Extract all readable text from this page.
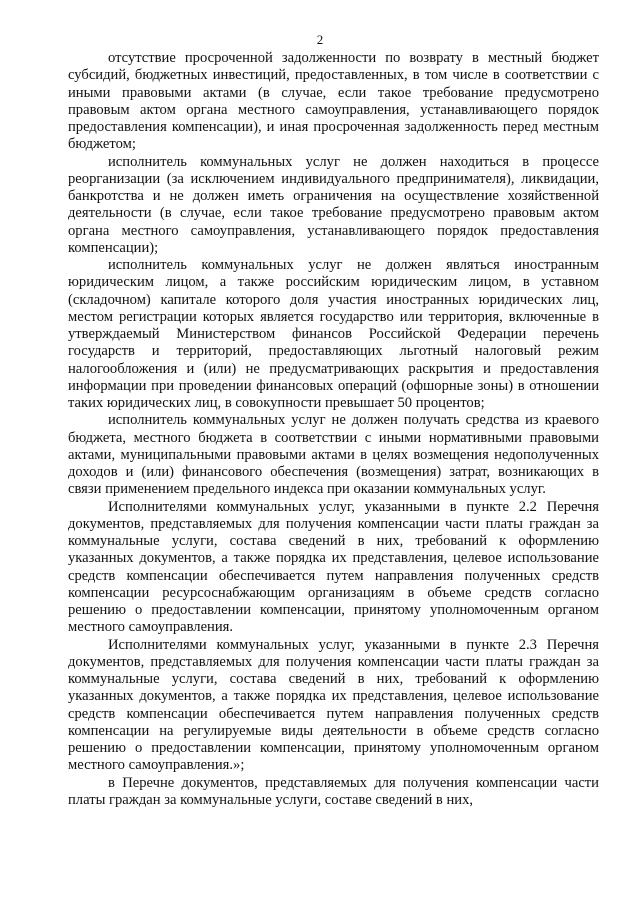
2

отсутствие просроченной задолженности по возврату в местный бюджет субсидий, бюджетных инвестиций, предоставленных, в том числе в соответствии с иными правовыми актами (в случае, если такое требование предусмотрено правовым актом органа местного самоуправления, устанавливающего порядок предоставления компенсации), и иная просроченная задолженность перед местным бюджетом;

исполнитель коммунальных услуг не должен находиться в процессе реорганизации (за исключением индивидуального предпринимателя), ликвидации, банкротства и не должен иметь ограничения на осуществление хозяйственной деятельности (в случае, если такое требование предусмотрено правовым актом органа местного самоуправления, устанавливающего порядок предоставления компенсации);

исполнитель коммунальных услуг не должен являться иностранным юридическим лицом, а также российским юридическим лицом, в уставном (складочном) капитале которого доля участия иностранных юридических лиц, местом регистрации которых является государство или территория, включенные в утверждаемый Министерством финансов Российской Федерации перечень государств и территорий, предоставляющих льготный налоговый режим налогообложения и (или) не предусматривающих раскрытия и предоставления информации при проведении финансовых операций (офшорные зоны) в отношении таких юридических лиц, в совокупности превышает 50 процентов;

исполнитель коммунальных услуг не должен получать средства из краевого бюджета, местного бюджета в соответствии с иными нормативными правовыми актами, муниципальными правовыми актами в целях возмещения недополученных доходов и (или) финансового обеспечения (возмещения) затрат, возникающих в связи применением предельного индекса при оказании коммунальных услуг.

Исполнителями коммунальных услуг, указанными в пункте 2.2 Перечня документов, представляемых для получения компенсации части платы граждан за коммунальные услуги, состава сведений в них, требований к оформлению указанных документов, а также порядка их представления, целевое использование средств компенсации обеспечивается путем направления полученных средств компенсации ресурсоснабжающим организациям в объеме средств согласно решению о предоставлении компенсации, принятому уполномоченным органом местного самоуправления.

Исполнителями коммунальных услуг, указанными в пункте 2.3 Перечня документов, представляемых для получения компенсации части платы граждан за коммунальные услуги, состава сведений в них, требований к оформлению указанных документов, а также порядка их представления, целевое использование средств компенсации обеспечивается путем направления полученных средств компенсации на регулируемые виды деятельности в объеме средств согласно решению о предоставлении компенсации, принятому уполномоченным органом местного самоуправления.»;

в Перечне документов, представляемых для получения компенсации части платы граждан за коммунальные услуги, составе сведений в них,
